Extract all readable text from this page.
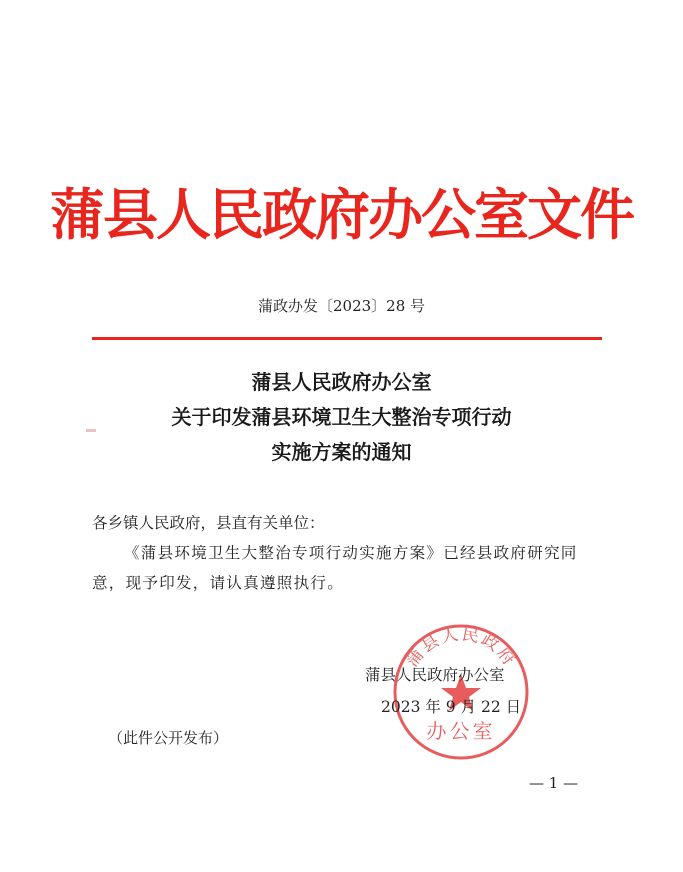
蒲县人民政府办公室文件
蒲政办发〔2023〕28 号
蒲县人民政府办公室
关于印发蒲县环境卫生大整治专项行动
实施方案的通知
各乡镇人民政府，县直有关单位：
《蒲县环境卫生大整治专项行动实施方案》已经县政府研究同意，现予印发，请认真遵照执行。
蒲县人民政府
办公室
蒲县人民政府办公室
2023 年 9 月 22 日
（此件公开发布）
— 1 —
